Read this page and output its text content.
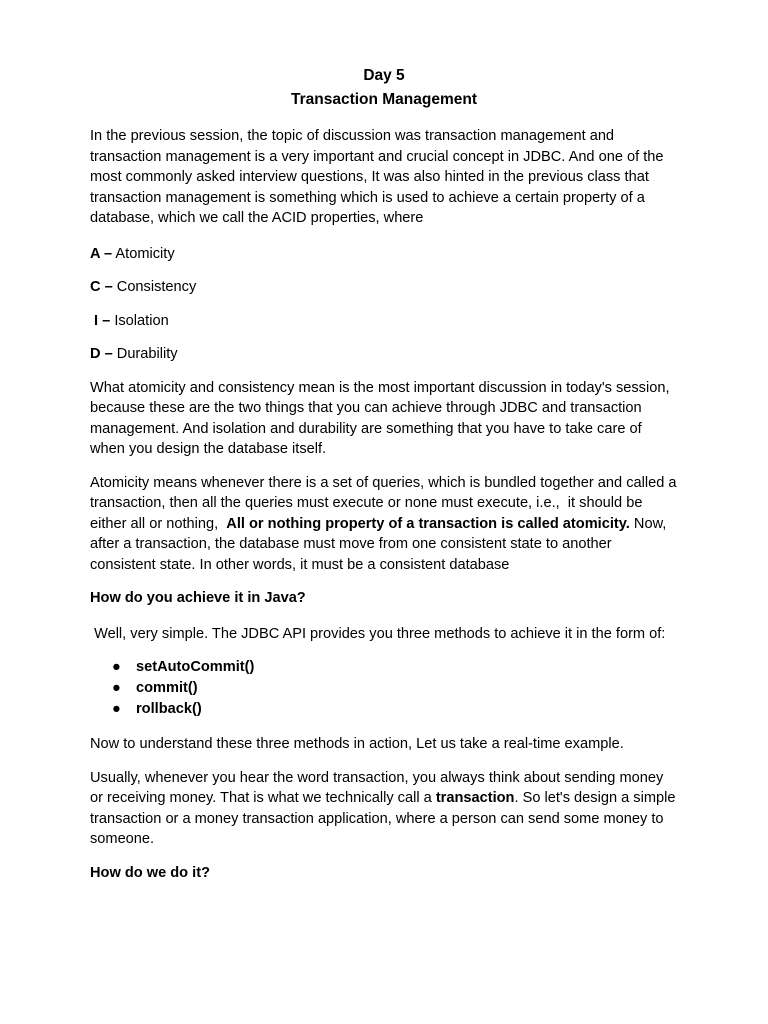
Day 5

Transaction Management

In the previous session, the topic of discussion was transaction management and transaction management is a very important and crucial concept in JDBC. And one of the most commonly asked interview questions, It was also hinted in the previous class that transaction management is something which is used to achieve a certain property of a database, which we call the ACID properties, where

A – Atomicity

C – Consistency

I – Isolation

D – Durability

What atomicity and consistency mean is the most important discussion in today's session, because these are the two things that you can achieve through JDBC and transaction management. And isolation and durability are something that you have to take care of when you design the database itself.

Atomicity means whenever there is a set of queries, which is bundled together and called a transaction, then all the queries must execute or none must execute, i.e.,  it should be either all or nothing,  All or nothing property of a transaction is called atomicity. Now, after a transaction, the database must move from one consistent state to another consistent state. In other words, it must be a consistent database

How do you achieve it in Java?

Well, very simple. The JDBC API provides you three methods to achieve it in the form of:

● setAutoCommit()
● commit()
● rollback()

Now to understand these three methods in action, Let us take a real-time example.

Usually, whenever you hear the word transaction, you always think about sending money or receiving money. That is what we technically call a transaction. So let's design a simple transaction or a money transaction application, where a person can send some money to someone.

How do we do it?
